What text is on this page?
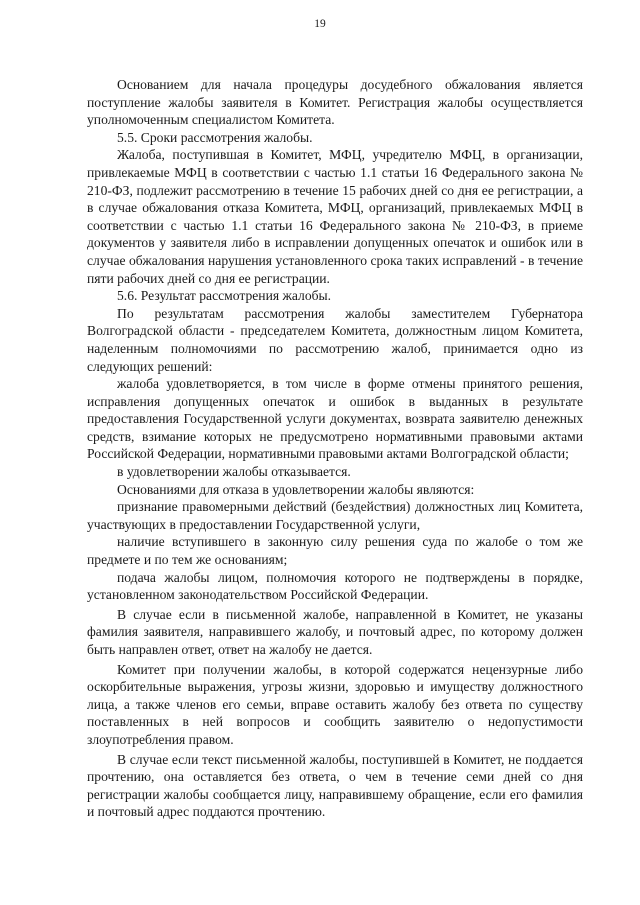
19

Основанием для начала процедуры досудебного обжалования является поступление жалобы заявителя в Комитет. Регистрация жалобы осуществляется уполномоченным специалистом Комитета.

5.5. Сроки рассмотрения жалобы.

Жалоба, поступившая в Комитет, МФЦ, учредителю МФЦ, в организации, привлекаемые МФЦ в соответствии с частью 1.1 статьи 16 Федерального закона № 210-ФЗ, подлежит рассмотрению в течение 15 рабочих дней со дня ее регистрации, а в случае обжалования отказа Комитета, МФЦ, организаций, привлекаемых МФЦ в соответствии с частью 1.1 статьи 16 Федерального закона № 210-ФЗ, в приеме документов у заявителя либо в исправлении допущенных опечаток и ошибок или в случае обжалования нарушения установленного срока таких исправлений - в течение пяти рабочих дней со дня ее регистрации.

5.6. Результат рассмотрения жалобы.

По результатам рассмотрения жалобы заместителем Губернатора Волгоградской области - председателем Комитета, должностным лицом Комитета, наделенным полномочиями по рассмотрению жалоб, принимается одно из следующих решений:

жалоба удовлетворяется, в том числе в форме отмены принятого решения, исправления допущенных опечаток и ошибок в выданных в результате предоставления Государственной услуги документах, возврата заявителю денежных средств, взимание которых не предусмотрено нормативными правовыми актами Российской Федерации, нормативными правовыми актами Волгоградской области;

в удовлетворении жалобы отказывается.

Основаниями для отказа в удовлетворении жалобы являются:

признание правомерными действий (бездействия) должностных лиц Комитета, участвующих в предоставлении Государственной услуги,

наличие вступившего в законную силу решения суда по жалобе о том же предмете и по тем же основаниям;

подача жалобы лицом, полномочия которого не подтверждены в порядке, установленном законодательством Российской Федерации.

В случае если в письменной жалобе, направленной в Комитет, не указаны фамилия заявителя, направившего жалобу, и почтовый адрес, по которому должен быть направлен ответ, ответ на жалобу не дается.

Комитет при получении жалобы, в которой содержатся нецензурные либо оскорбительные выражения, угрозы жизни, здоровью и имуществу должностного лица, а также членов его семьи, вправе оставить жалобу без ответа по существу поставленных в ней вопросов и сообщить заявителю о недопустимости злоупотребления правом.

В случае если текст письменной жалобы, поступившей в Комитет, не поддается прочтению, она оставляется без ответа, о чем в течение семи дней со дня регистрации жалобы сообщается лицу, направившему обращение, если его фамилия и почтовый адрес поддаются прочтению.
